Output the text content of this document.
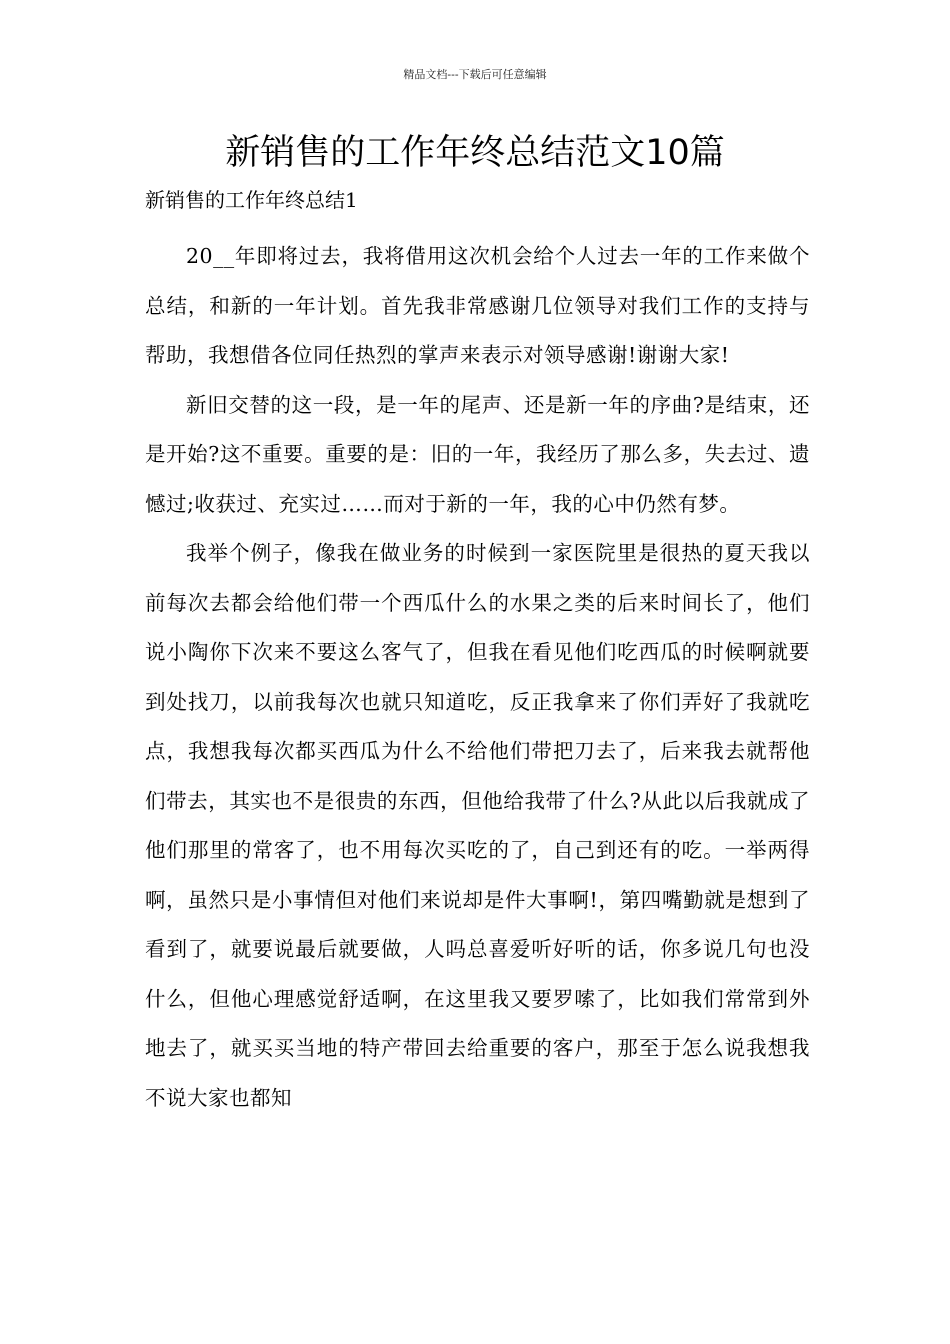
精品文档---下载后可任意编辑
新销售的工作年终总结范文10篇
新销售的工作年终总结1

20__年即将过去，我将借用这次机会给个人过去一年的工作来做个总结，和新的一年计划。首先我非常感谢几位领导对我们工作的支持与帮助，我想借各位同任热烈的掌声来表示对领导感谢!谢谢大家!

新旧交替的这一段，是一年的尾声、还是新一年的序曲?是结束，还是开始?这不重要。重要的是：旧的一年，我经历了那么多，失去过、遗憾过;收获过、充实过……而对于新的一年，我的心中仍然有梦。

我举个例子，像我在做业务的时候到一家医院里是很热的夏天我以前每次去都会给他们带一个西瓜什么的水果之类的后来时间长了，他们说小陶你下次来不要这么客气了，但我在看见他们吃西瓜的时候啊就要到处找刀，以前我每次也就只知道吃，反正我拿来了你们弄好了我就吃点，我想我每次都买西瓜为什么不给他们带把刀去了，后来我去就帮他们带去，其实也不是很贵的东西，但他给我带了什么?从此以后我就成了他们那里的常客了，也不用每次买吃的了，自己到还有的吃。一举两得啊，虽然只是小事情但对他们来说却是件大事啊!，第四嘴勤就是想到了看到了，就要说最后就要做，人吗总喜爱听好听的话，你多说几句也没什么，但他心理感觉舒适啊，在这里我又要罗嗦了，比如我们常常到外地去了，就买买当地的特产带回去给重要的客户，那至于怎么说我想我不说大家也都知
